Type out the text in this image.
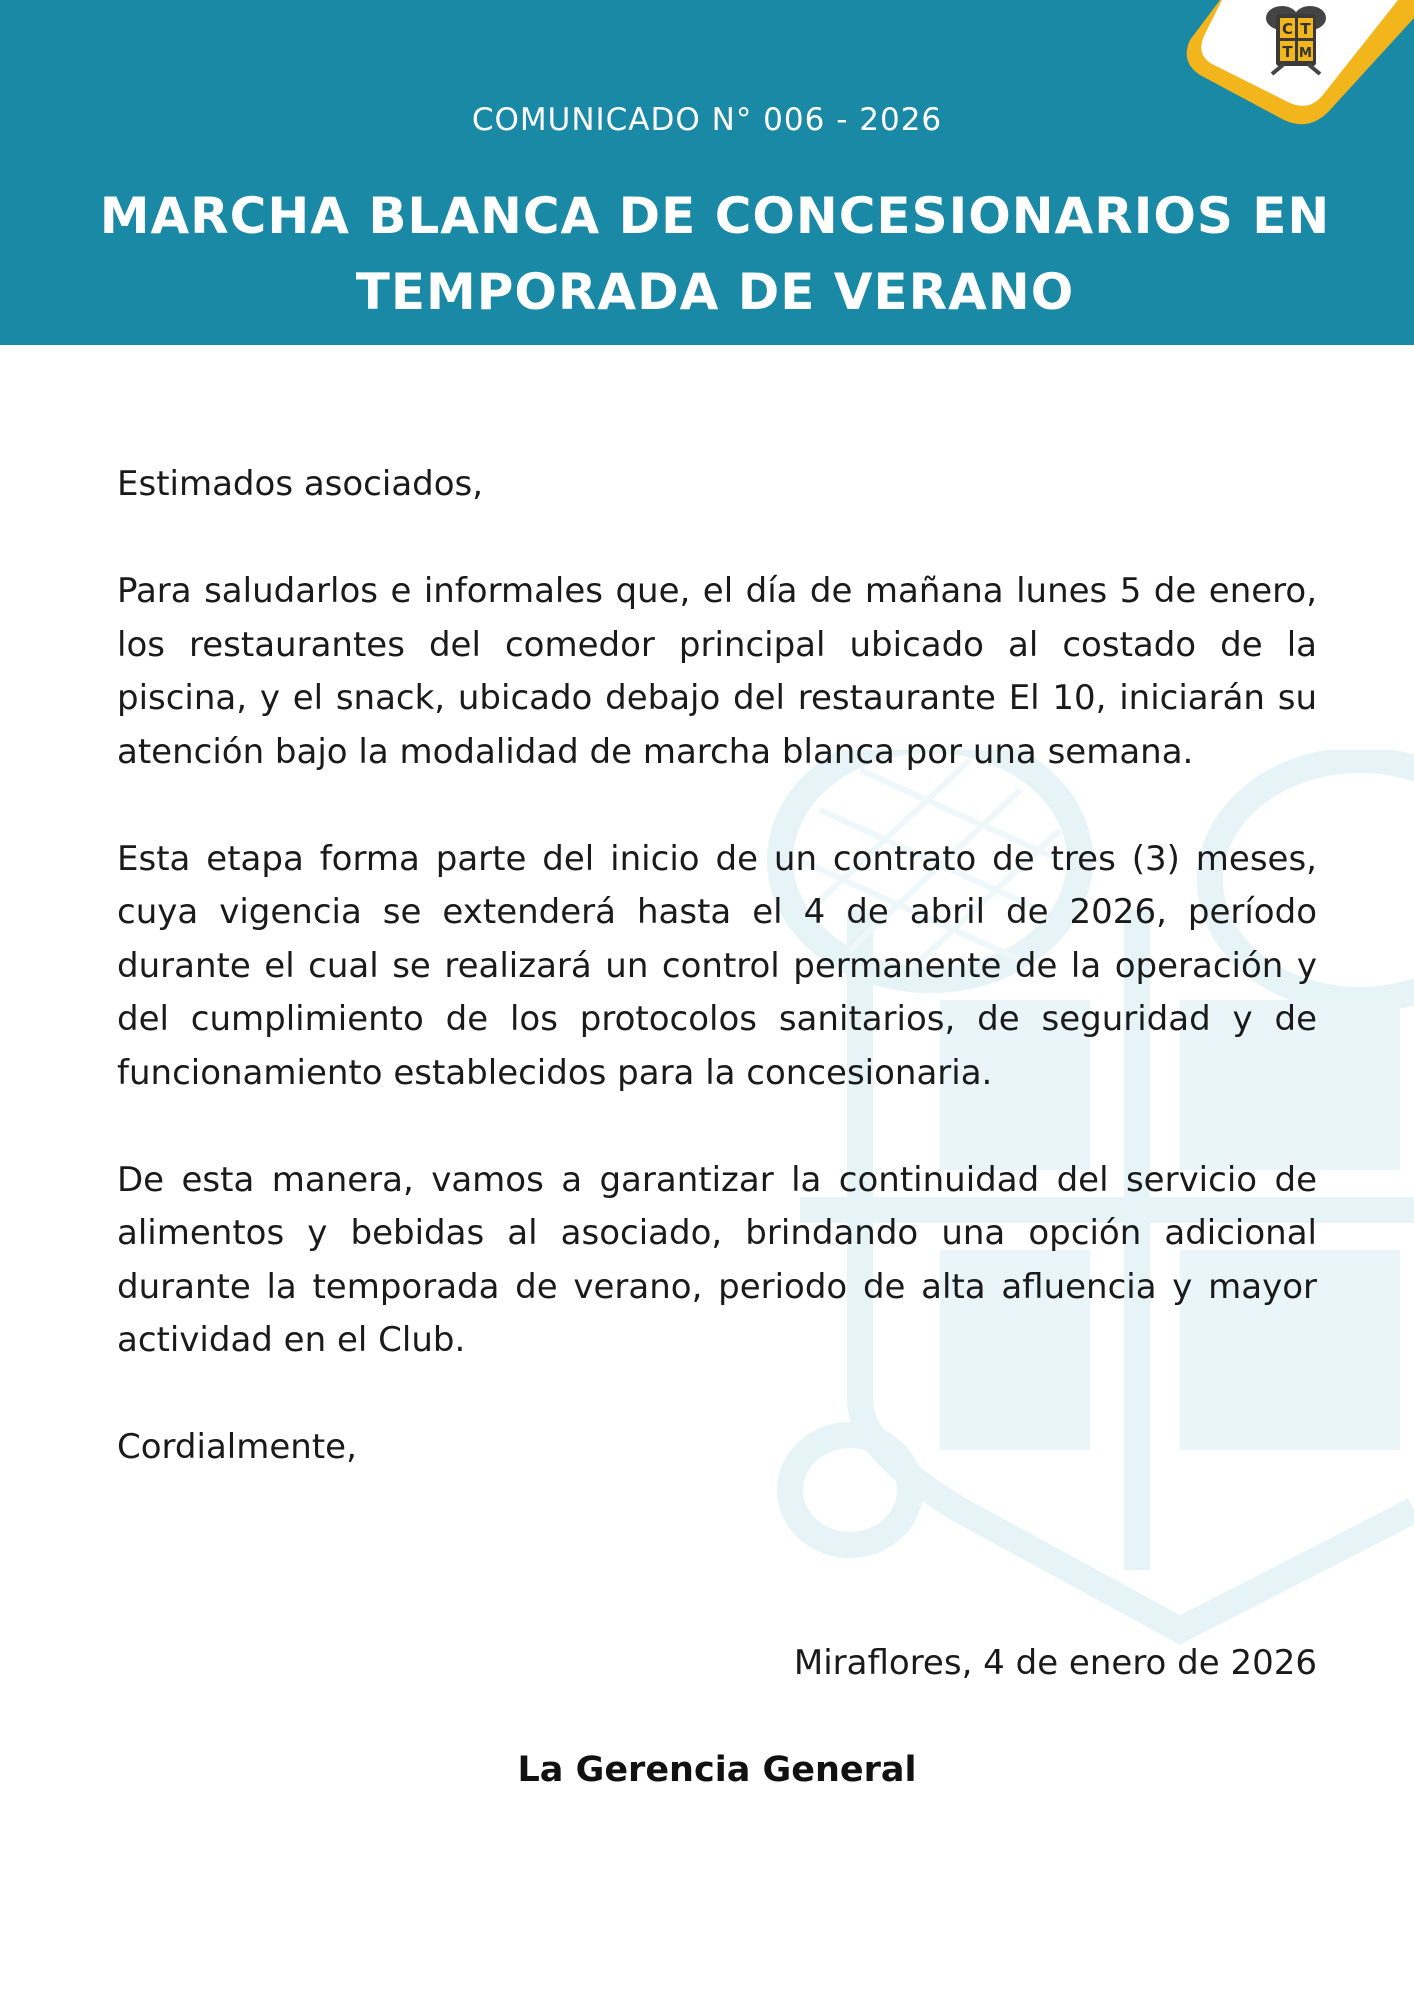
COMUNICADO N° 006 - 2026
MARCHA BLANCA DE CONCESIONARIOS EN
TEMPORADA DE VERANO
C T
T M

Estimados asociados,

Para saludarlos e informales que, el día de mañana lunes 5 de enero, los restaurantes del comedor principal ubicado al costado de la piscina, y el snack, ubicado debajo del restaurante El 10, iniciarán su atención bajo la modalidad de marcha blanca por una semana.

Esta etapa forma parte del inicio de un contrato de tres (3) meses, cuya vigencia se extenderá hasta el 4 de abril de 2026, período durante el cual se realizará un control permanente de la operación y del cumplimiento de los protocolos sanitarios, de seguridad y de funcionamiento establecidos para la concesionaria.

De esta manera, vamos a garantizar la continuidad del servicio de alimentos y bebidas al asociado, brindando una opción adicional durante la temporada de verano, periodo de alta afluencia y mayor actividad en el Club.

Cordialmente,

Miraflores, 4 de enero de 2026
La Gerencia General
